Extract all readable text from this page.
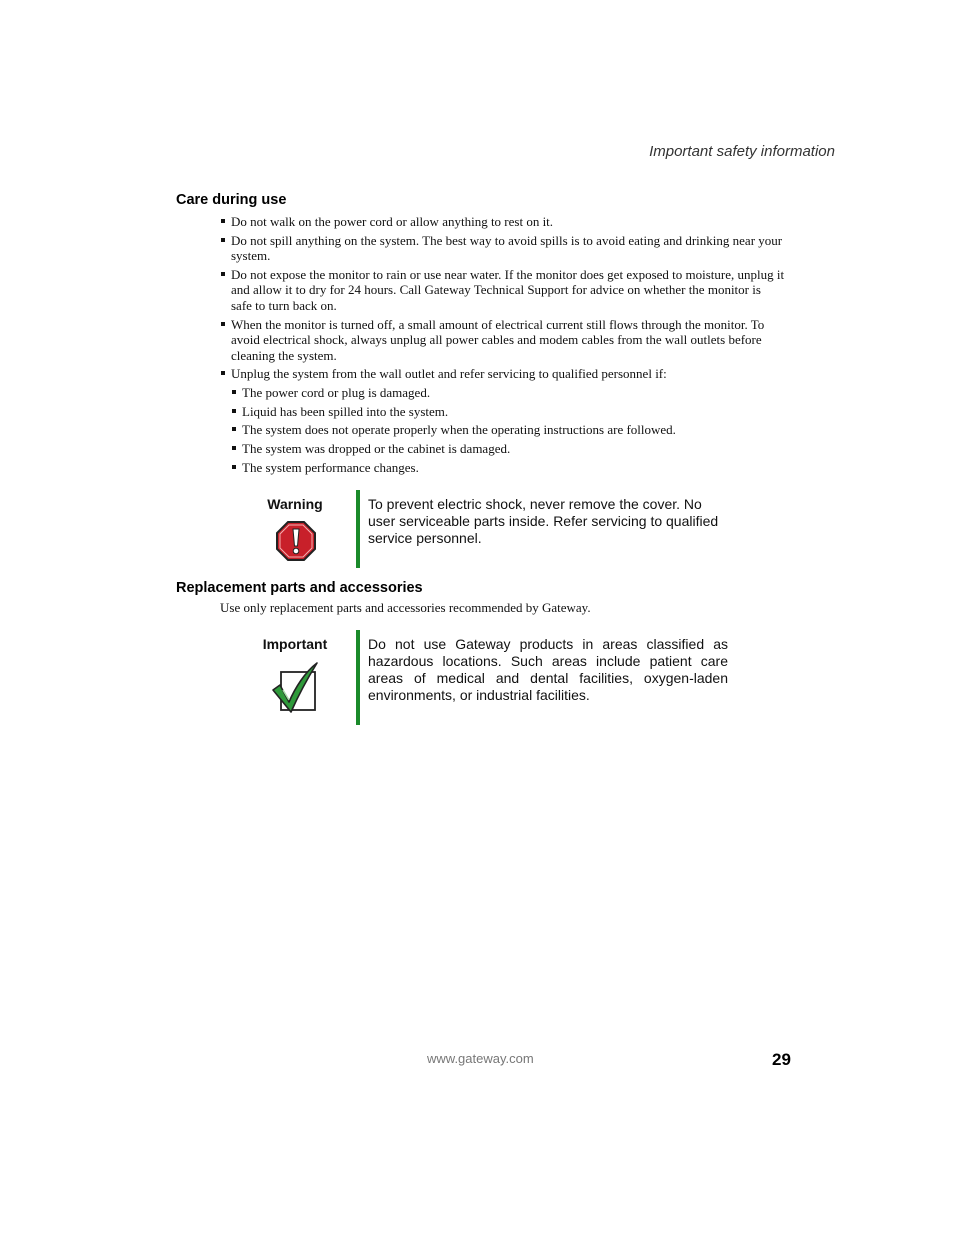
Important safety information
Care during use
Do not walk on the power cord or allow anything to rest on it.
Do not spill anything on the system. The best way to avoid spills is to avoid eating and drinking near your system.
Do not expose the monitor to rain or use near water. If the monitor does get exposed to moisture, unplug it and allow it to dry for 24 hours. Call Gateway Technical Support for advice on whether the monitor is safe to turn back on.
When the monitor is turned off, a small amount of electrical current still flows through the monitor. To avoid electrical shock, always unplug all power cables and modem cables from the wall outlets before cleaning the system.
Unplug the system from the wall outlet and refer servicing to qualified personnel if:
The power cord or plug is damaged.
Liquid has been spilled into the system.
The system does not operate properly when the operating instructions are followed.
The system was dropped or the cabinet is damaged.
The system performance changes.
Warning	To prevent electric shock, never remove the cover. No user serviceable parts inside. Refer servicing to qualified service personnel.
Replacement parts and accessories
Use only replacement parts and accessories recommended by Gateway.
Important	Do not use Gateway products in areas classified as hazardous locations. Such areas include patient care areas of medical and dental facilities, oxygen-laden environments, or industrial facilities.
www.gateway.com	29
